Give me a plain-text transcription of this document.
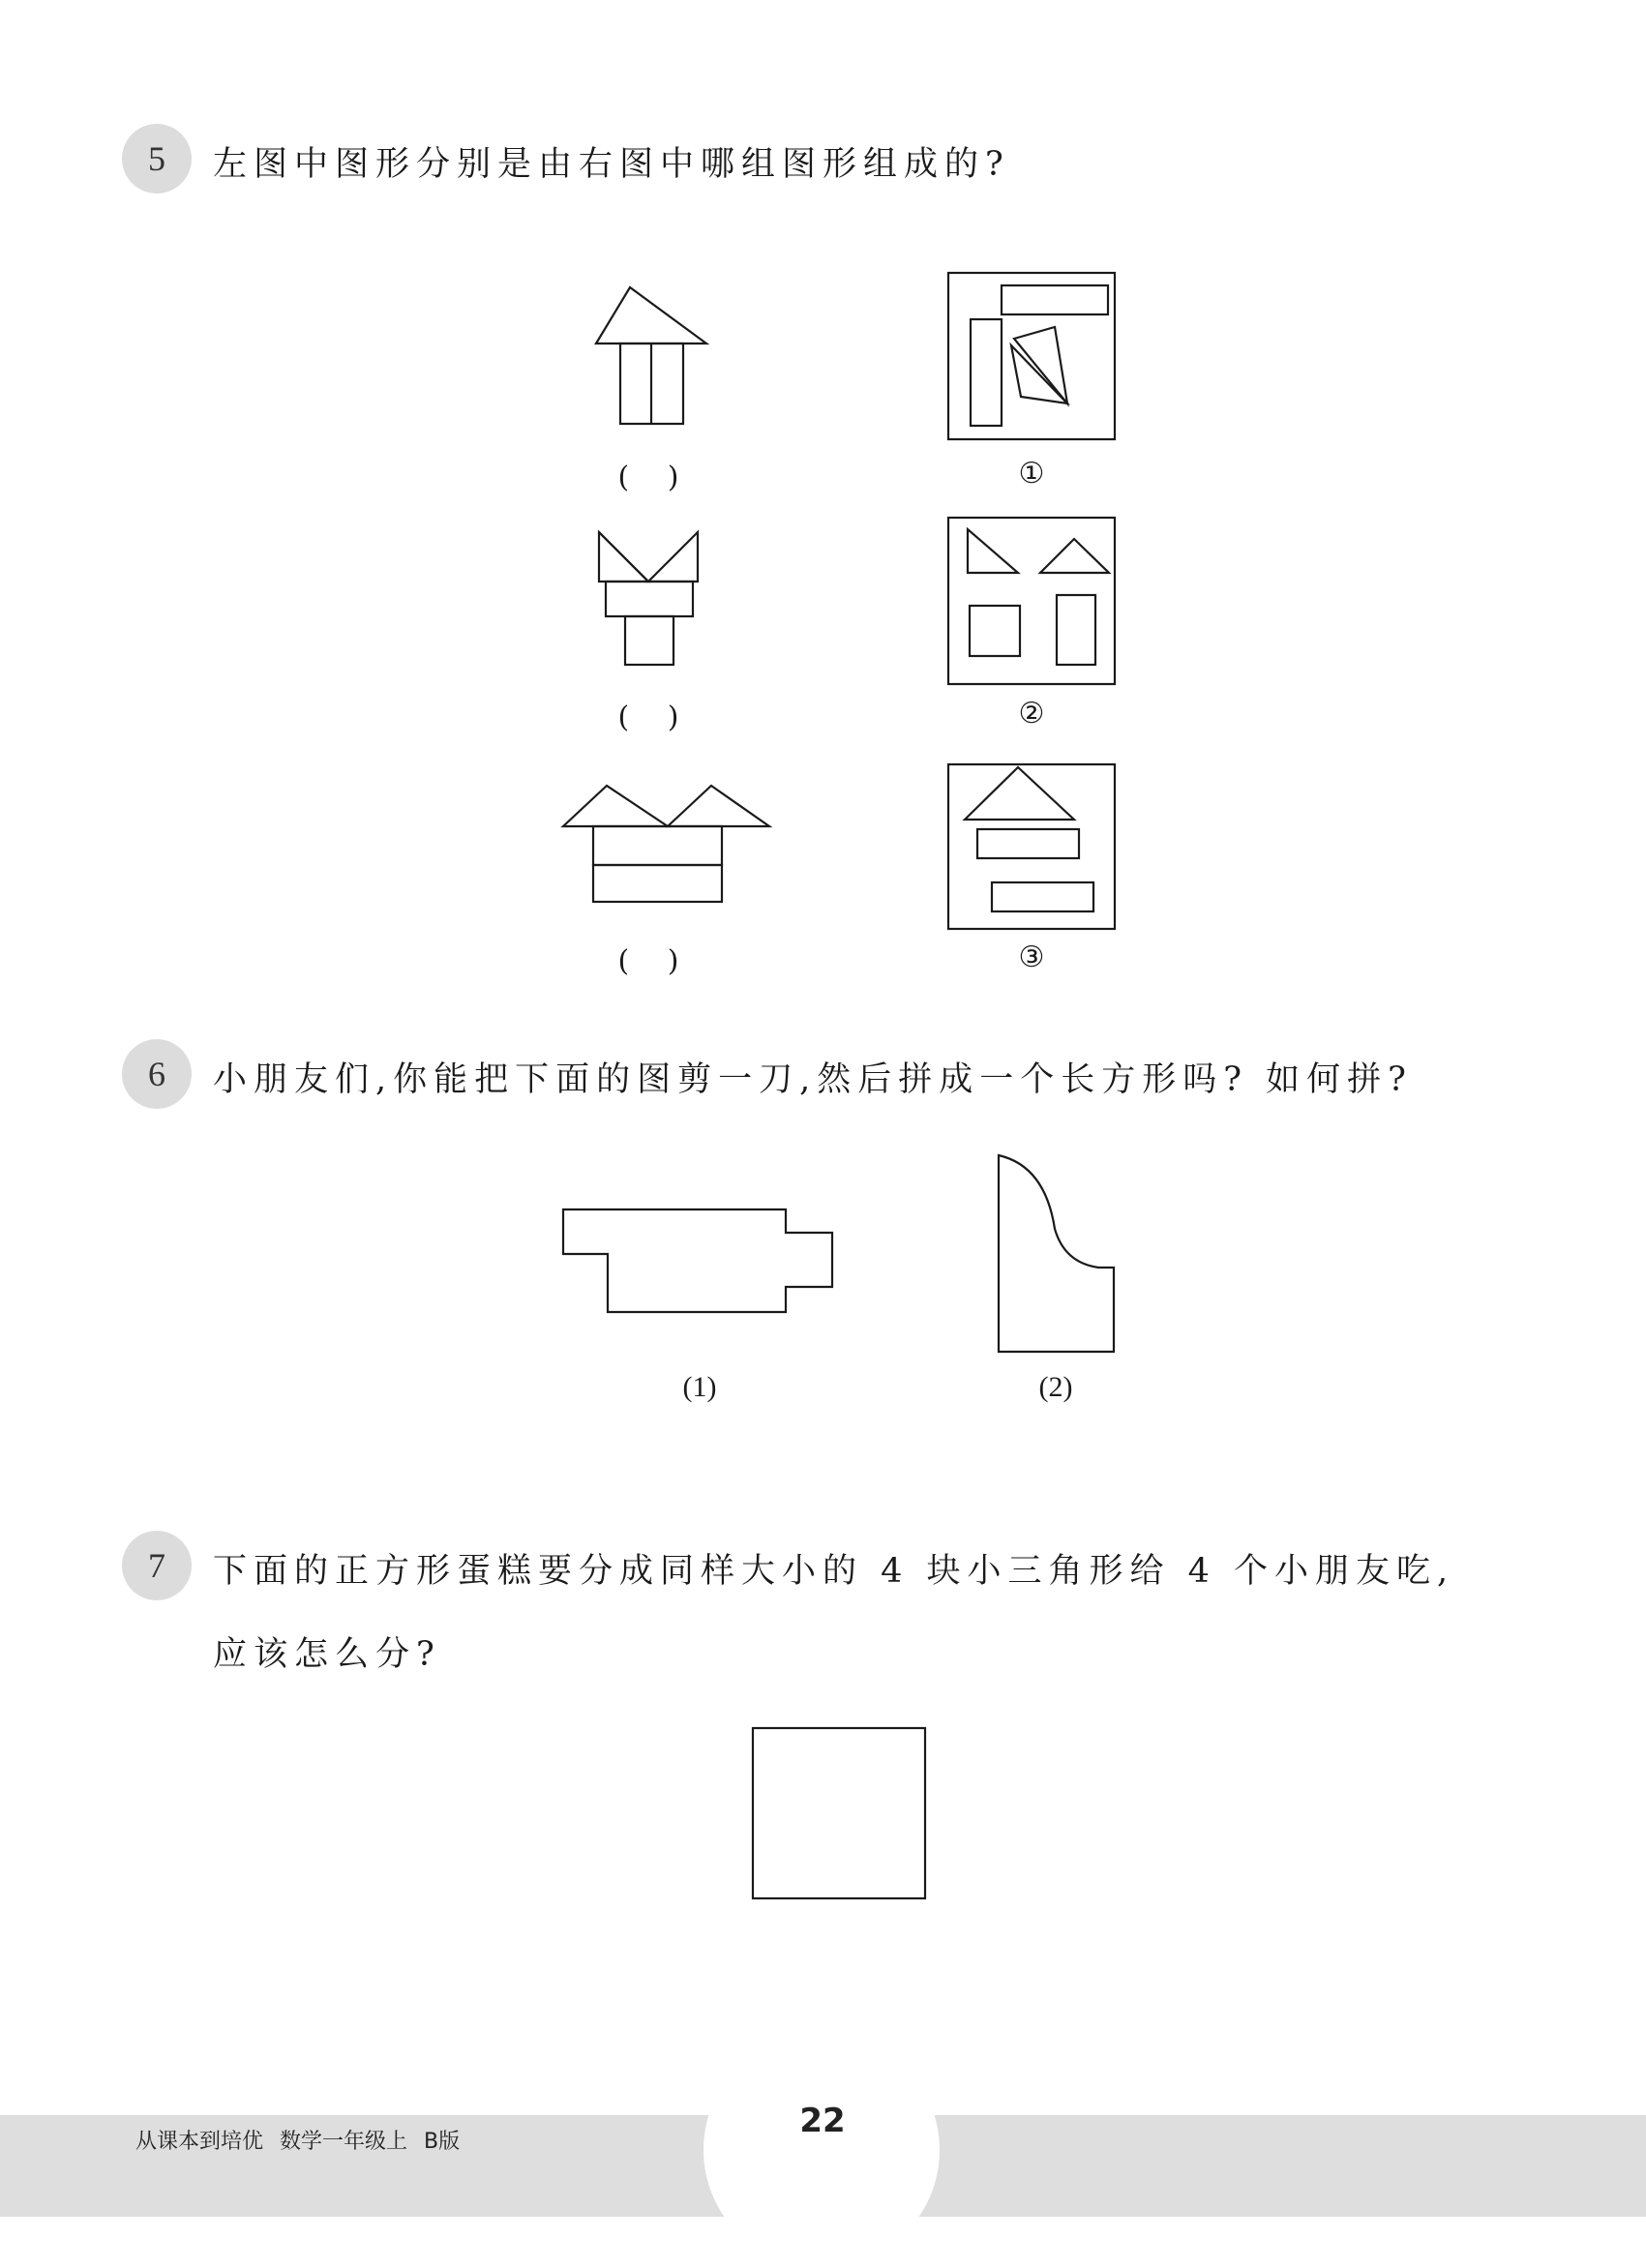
5	左图中图形分别是由右图中哪组图形组成的?
( )
( )
( )
①
②
③
6	小朋友们,你能把下面的图剪一刀,然后拼成一个长方形吗? 如何拼?
(1)	(2)
7	下面的正方形蛋糕要分成同样大小的 4 块小三角形给 4 个小朋友吃,
应该怎么分?
从课本到培优 数学一年级上 B版
22
